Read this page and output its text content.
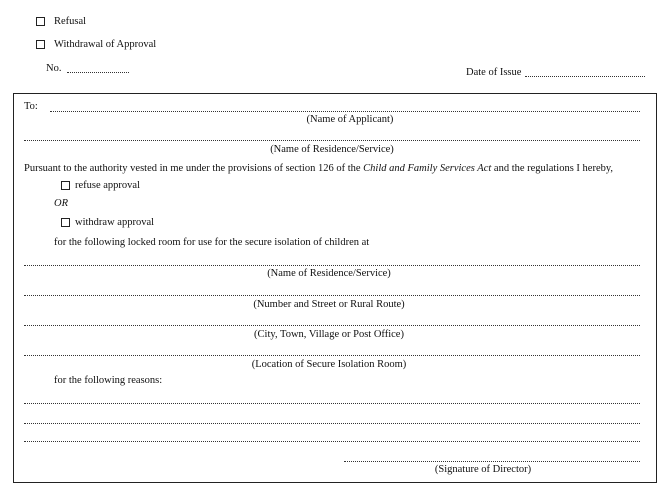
Refusal
Withdrawal of Approval
No.	Date of Issue
To:
(Name of Applicant)
(Name of Residence/Service)
Pursuant to the authority vested in me under the provisions of section 126 of the Child and Family Services Act and the regulations I hereby,
refuse approval
OR
withdraw approval
for the following locked room for use for the secure isolation of children at
(Name of Residence/Service)
(Number and Street or Rural Route)
(City, Town, Village or Post Office)
(Location of Secure Isolation Room)
for the following reasons:
(Signature of Director)
